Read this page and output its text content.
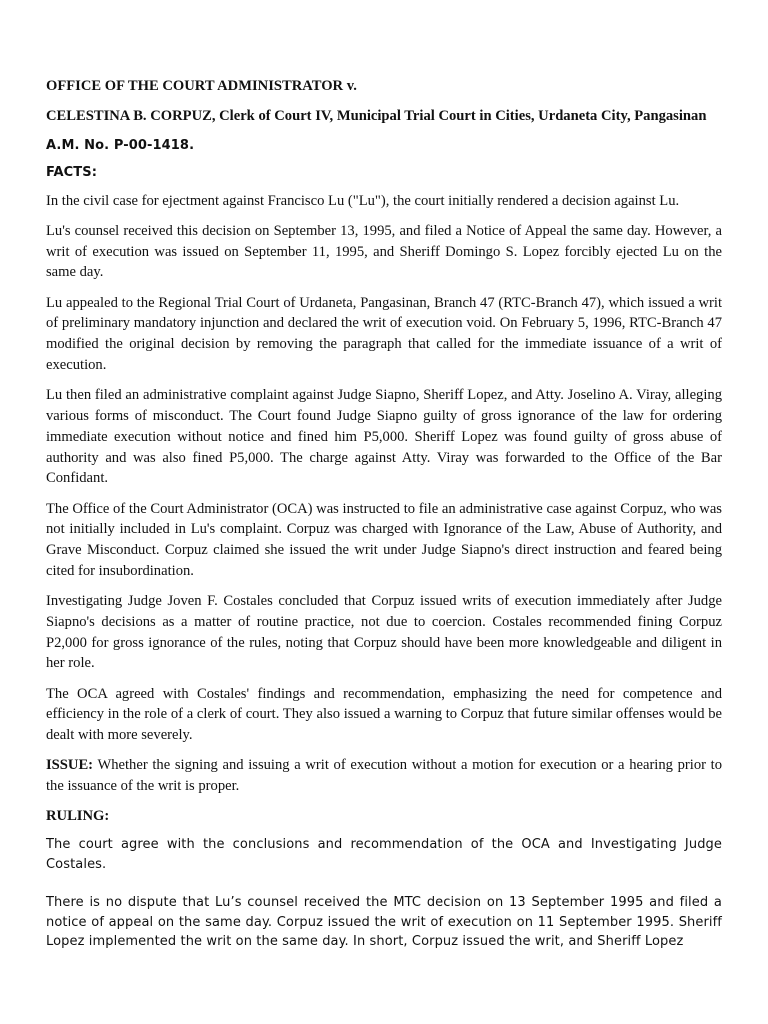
OFFICE OF THE COURT ADMINISTRATOR v.

CELESTINA B. CORPUZ, Clerk of Court IV, Municipal Trial Court in Cities, Urdaneta City, Pangasinan

A.M. No. P-00-1418.

FACTS:

In the civil case for ejectment against Francisco Lu ("Lu"), the court initially rendered a decision against Lu.

Lu's counsel received this decision on September 13, 1995, and filed a Notice of Appeal the same day. However, a writ of execution was issued on September 11, 1995, and Sheriff Domingo S. Lopez forcibly ejected Lu on the same day.

Lu appealed to the Regional Trial Court of Urdaneta, Pangasinan, Branch 47 (RTC-Branch 47), which issued a writ of preliminary mandatory injunction and declared the writ of execution void. On February 5, 1996, RTC-Branch 47 modified the original decision by removing the paragraph that called for the immediate issuance of a writ of execution.

Lu then filed an administrative complaint against Judge Siapno, Sheriff Lopez, and Atty. Joselino A. Viray, alleging various forms of misconduct. The Court found Judge Siapno guilty of gross ignorance of the law for ordering immediate execution without notice and fined him P5,000. Sheriff Lopez was found guilty of gross abuse of authority and was also fined P5,000. The charge against Atty. Viray was forwarded to the Office of the Bar Confidant.

The Office of the Court Administrator (OCA) was instructed to file an administrative case against Corpuz, who was not initially included in Lu's complaint. Corpuz was charged with Ignorance of the Law, Abuse of Authority, and Grave Misconduct. Corpuz claimed she issued the writ under Judge Siapno's direct instruction and feared being cited for insubordination.

Investigating Judge Joven F. Costales concluded that Corpuz issued writs of execution immediately after Judge Siapno's decisions as a matter of routine practice, not due to coercion. Costales recommended fining Corpuz P2,000 for gross ignorance of the rules, noting that Corpuz should have been more knowledgeable and diligent in her role.

The OCA agreed with Costales' findings and recommendation, emphasizing the need for competence and efficiency in the role of a clerk of court. They also issued a warning to Corpuz that future similar offenses would be dealt with more severely.

ISSUE: Whether the signing and issuing a writ of execution without a motion for execution or a hearing prior to the issuance of the writ is proper.

RULING:

The court agree with the conclusions and recommendation of the OCA and Investigating Judge Costales.

There is no dispute that Lu’s counsel received the MTC decision on 13 September 1995 and filed a notice of appeal on the same day. Corpuz issued the writ of execution on 11 September 1995. Sheriff Lopez implemented the writ on the same day. In short, Corpuz issued the writ, and Sheriff Lopez
